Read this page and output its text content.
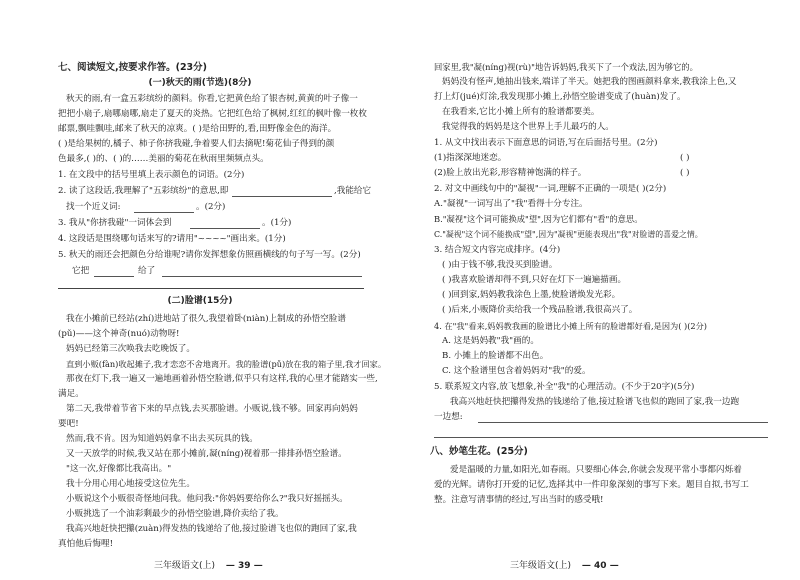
七、阅读短文,按要求作答。(23分)
(一)秋天的雨(节选)(8分)
秋天的雨,有一盒五彩缤纷的颜料。你看,它把黄色给了银杏树,黄黄的叶子像一
把把小扇子,扇哪扇哪,扇走了夏天的炎热。它把红色给了枫树,红红的枫叶像一枚枚
邮票,飘哇飘哇,邮来了秋天的凉爽。( )是给田野的,看,田野像金色的海洋。
( )是给果树的,橘子、柿子你挤我碰,争着要人们去摘呢!菊花仙子得到的颜
色最多,( )的、( )的……美丽的菊花在秋雨里频频点头。
1. 在文段中的括号里填上表示颜色的词语。(2分)
2. 读了这段话,我理解了"五彩缤纷"的意思,即	,我能给它
找一个近义词:	。(2分)
3. 我从"你挤我碰"一词体会到	。(1分)
4. 这段话是围绕哪句话来写的?请用"~~~~"画出来。(1分)
5. 秋天的雨还会把颜色分给谁呢?请你发挥想象仿照画横线的句子写一写。(2分)
它把	给了
(二)脸谱(15分)
我在小摊前已经站(zhí)进地站了很久,我望着卧(niàn)上制成的孙悟空脸谱
(pǔ)——这个神奇(nuó)动物呀!
妈妈已经第三次唤我去吃晚饭了。
直到小贩(fàn)收起摊子,我才恋恋不舍地离开。我的脸谱(pǔ)放在我的箱子里,我才回家。
那夜在灯下,我一遍又一遍地画着孙悟空脸谱,似乎只有这样,我的心里才能踏实一些,
满足。
第二天,我带着节省下来的早点钱,去买那脸谱。小贩说,钱不够。回家再向妈妈
要吧!
然而,我不肯。因为知道妈妈拿不出去买玩具的钱。
又一天放学的时候,我又站在那小摊前,凝(níng)视着那一排排孙悟空脸谱。
"这一次,好像都比我高出。"
我十分用心用心地接受这位先生。
小贩说这个小贩很奇怪地问我。他问我:"你妈妈要给你么?"我只好摇摇头。
小贩挑选了一个油彩剩最少的孙悟空脸谱,降价卖给了我。
我高兴地赶快把攥(zuàn)得发热的钱递给了他,接过脸谱飞也似的跑回了家,我
真怕他后悔哩!
三年级语文(上) — 39 —
回家里,我"凝(níng)视(rù)"地告诉妈妈,我买下了一个戏法,因为够它的。
妈妈没有怪声,她抽出钱来,端详了半天。她把我的图画颜料拿来,教我涂上色,又
打上灯(jué)灯涂,我发现那小摊上,孙悟空脸谱变成了(huàn)发了。
在我看来,它比小摊上所有的脸谱都要美。
我觉得我的妈妈是这个世界上手儿最巧的人。
1. 从文中找出表示下面意思的词语,写在后面括号里。(2分)
(1)指深深地迷恋。	( )
(2)脸上放出光彩,形容精神饱满的样子。	( )
2. 对文中画线句中的"凝视"一词,理解不正确的一项是( )(2分)
A."凝视"一词写出了"我"看得十分专注。
B."凝视"这个词可能换成"望",因为它们都有"看"的意思。
C."凝视"这个词不能换成"望",因为"凝视"更能表现出"我"对脸谱的喜爱之情。
3. 结合短文内容完成排序。(4分)
( )由于钱不够,我没买到脸谱。
( )我喜欢脸谱却得不到,只好在灯下一遍遍描画。
( )回到家,妈妈教我涂色上墨,使脸谱焕发光彩。
( )后来,小贩降价卖给我一个残品脸谱,我很高兴了。
4. 在"我"看来,妈妈教我画的脸谱比小摊上所有的脸谱都好看,是因为( )(2分)
A. 这是妈妈教"我"画的。
B. 小摊上的脸谱都不出色。
C. 这个脸谱里包含着妈妈对"我"的爱。
5. 联系短文内容,放飞想象,补全"我"的心理活动。(不少于20字)(5分)
我高兴地赶快把攥得发热的钱递给了他,接过脸谱飞也似的跑回了家,我一边跑
一边想:
八、妙笔生花。(25分)
爱是温暖的力量,如阳光,如春雨。只要细心体会,你就会发现平常小事都闪烁着
爱的光辉。请你打开爱的记忆,选择其中一件印象深刻的事写下来。题目自拟,书写工
整。注意写清事情的经过,写出当时的感受哦!
三年级语文(上) — 40 —
